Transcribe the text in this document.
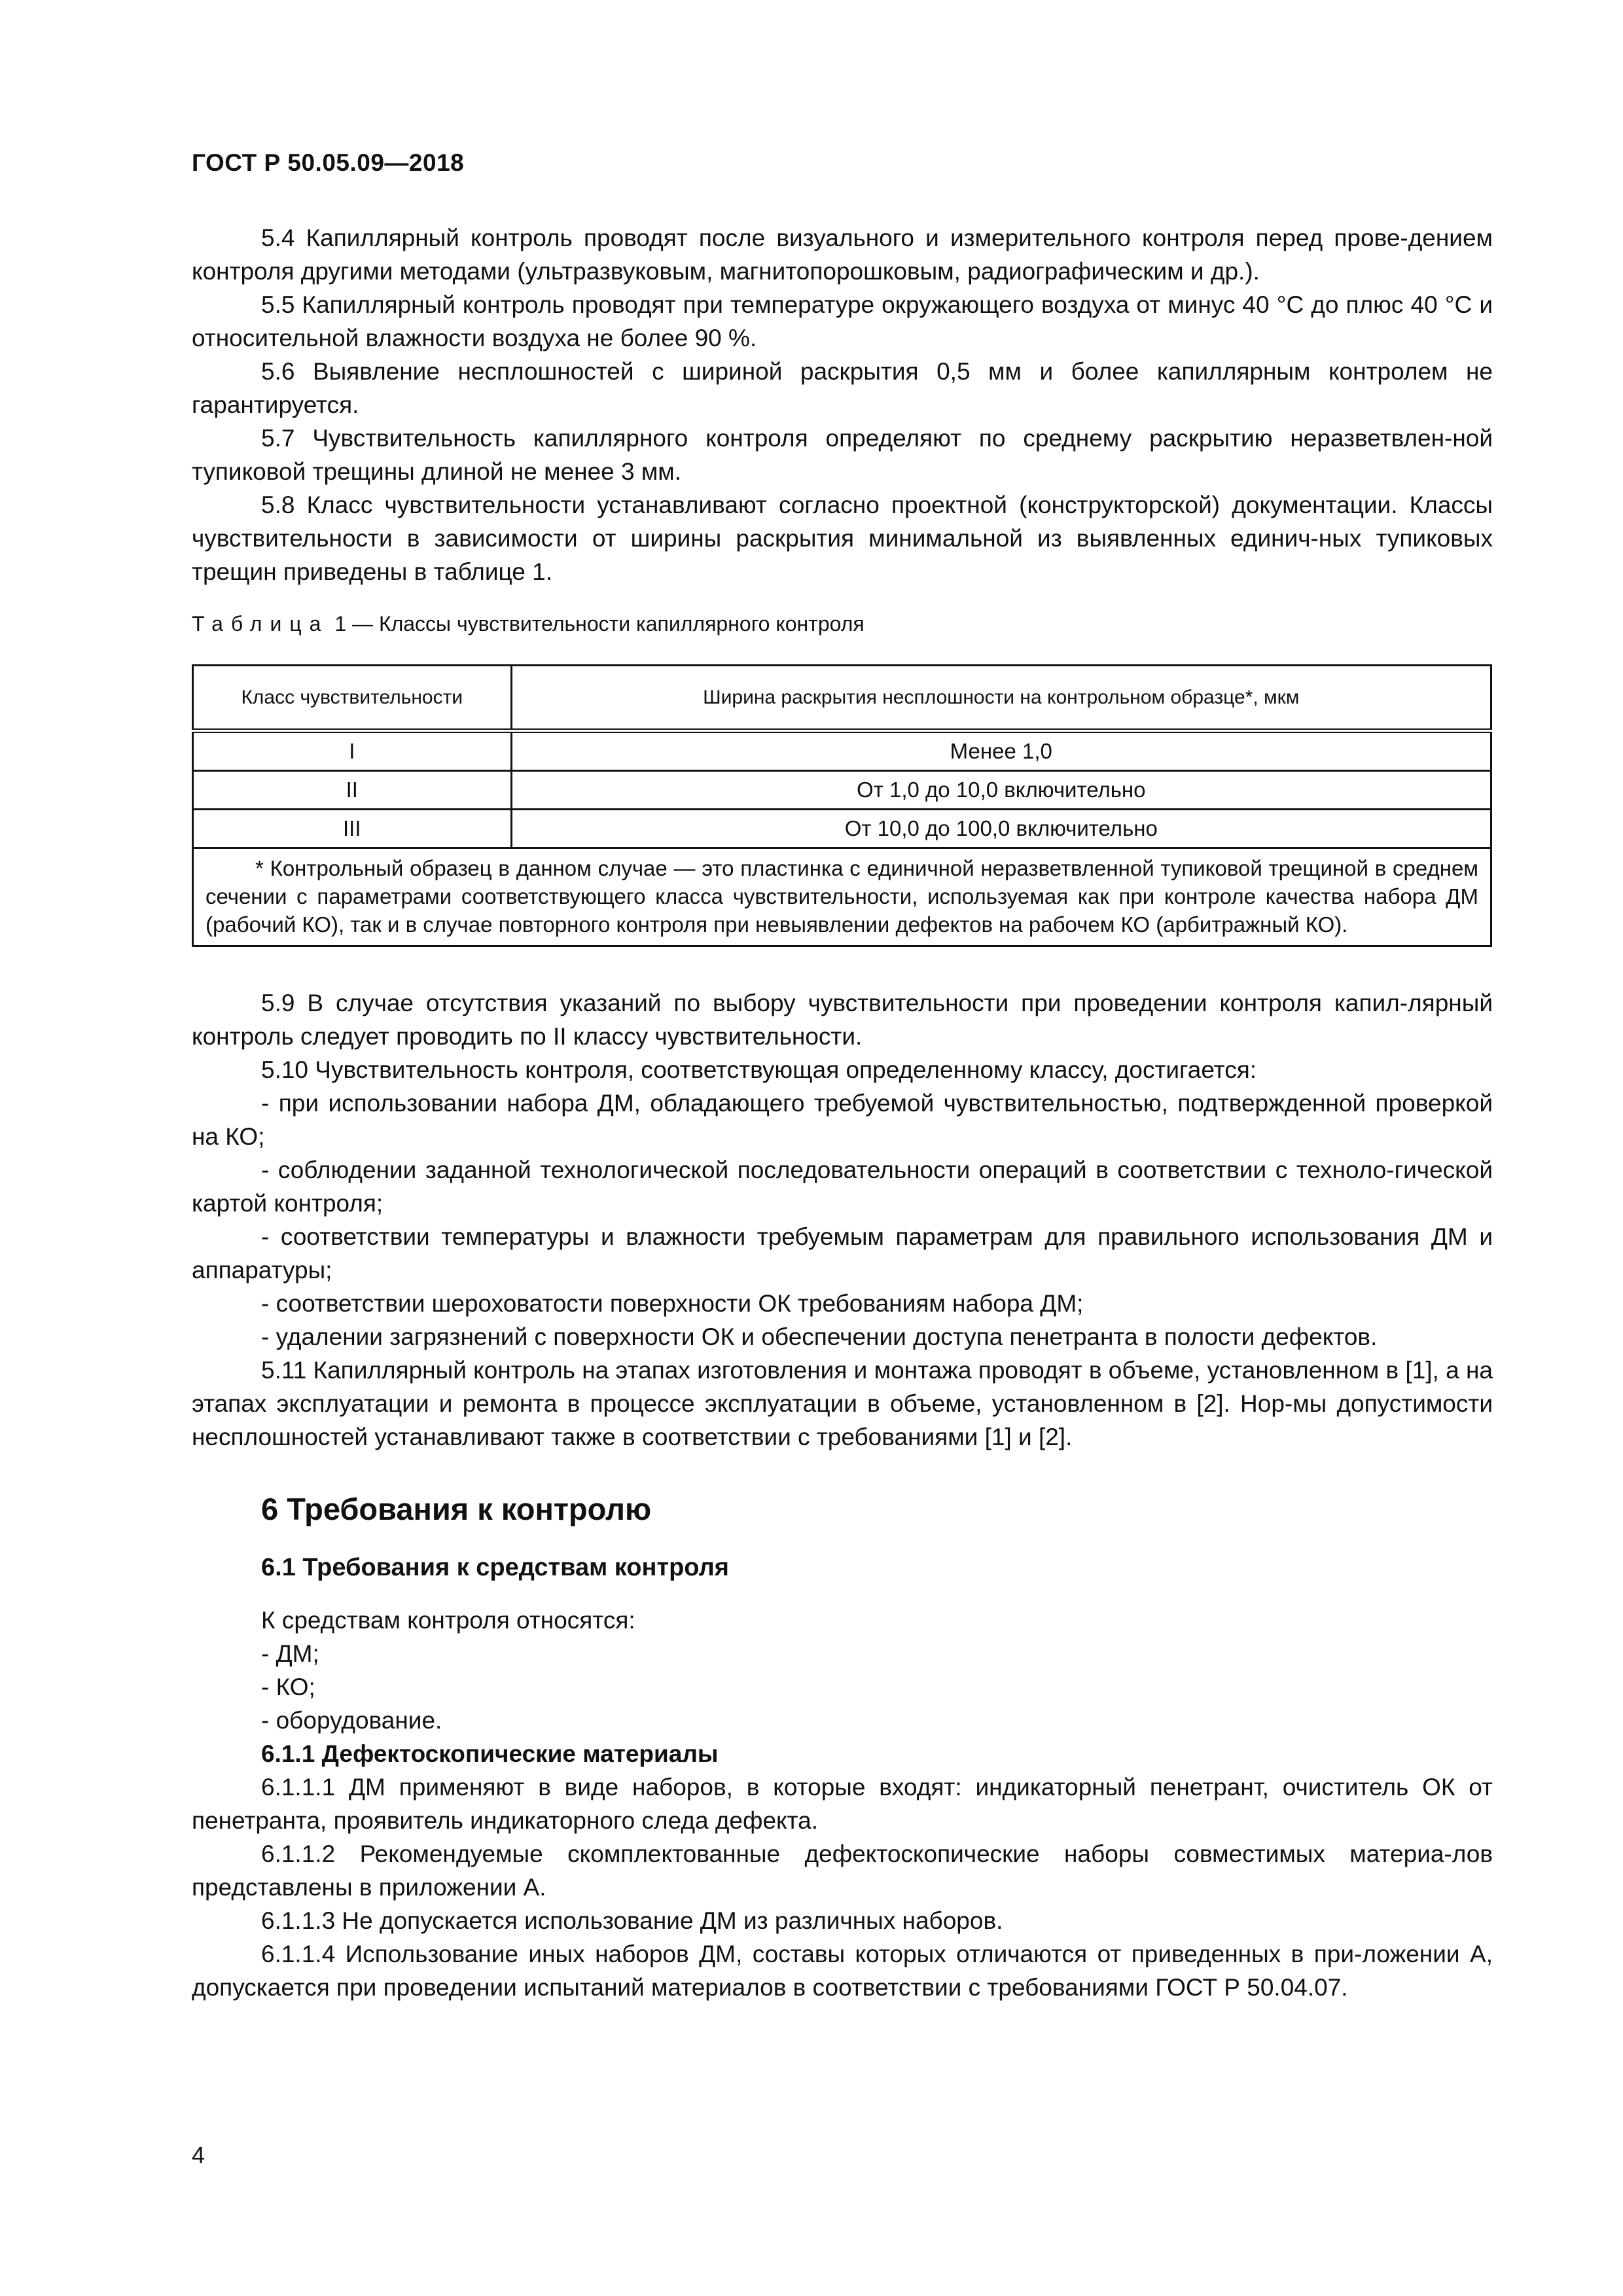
ГОСТ Р 50.05.09—2018

5.4 Капиллярный контроль проводят после визуального и измерительного контроля перед прове-дением контроля другими методами (ультразвуковым, магнитопорошковым, радиографическим и др.).

5.5 Капиллярный контроль проводят при температуре окружающего воздуха от минус 40 °С до плюс 40 °С и относительной влажности воздуха не более 90 %.

5.6 Выявление несплошностей с шириной раскрытия 0,5 мм и более капиллярным контролем не гарантируется.

5.7 Чувствительность капиллярного контроля определяют по среднему раскрытию неразветвлен-ной тупиковой трещины длиной не менее 3 мм.

5.8 Класс чувствительности устанавливают согласно проектной (конструкторской) документации. Классы чувствительности в зависимости от ширины раскрытия минимальной из выявленных единич-ных тупиковых трещин приведены в таблице 1.

Таблица 1 — Классы чувствительности капиллярного контроля
Класс чувствительности	Ширина раскрытия несплошности на контрольном образце*, мкм
I	Менее 1,0
II	От 1,0 до 10,0 включительно
III	От 10,0 до 100,0 включительно

* Контрольный образец в данном случае — это пластинка с единичной неразветвленной тупиковой трещиной в среднем сечении с параметрами соответствующего класса чувствительности, используемая как при контроле качества набора ДМ (рабочий КО), так и в случае повторного контроля при невыявлении дефектов на рабочем КО (арбитражный КО).	

5.9 В случае отсутствия указаний по выбору чувствительности при проведении контроля капил-лярный контроль следует проводить по II классу чувствительности.

5.10 Чувствительность контроля, соответствующая определенному классу, достигается:

- при использовании набора ДМ, обладающего требуемой чувствительностью, подтвержденной проверкой на КО;

- соблюдении заданной технологической последовательности операций в соответствии с техноло-гической картой контроля;

- соответствии температуры и влажности требуемым параметрам для правильного использования ДМ и аппаратуры;

- соответствии шероховатости поверхности ОК требованиям набора ДМ;

- удалении загрязнений с поверхности ОК и обеспечении доступа пенетранта в полости дефектов.

5.11 Капиллярный контроль на этапах изготовления и монтажа проводят в объеме, установленном в [1], а на этапах эксплуатации и ремонта в процессе эксплуатации в объеме, установленном в [2]. Нор-мы допустимости несплошностей устанавливают также в соответствии с требованиями [1] и [2].

6 Требования к контролю
6.1 Требования к средствам контроля

К средствам контроля относятся:

- ДМ;

- КО;

- оборудование.

6.1.1 Дефектоскопические материалы

6.1.1.1 ДМ применяют в виде наборов, в которые входят: индикаторный пенетрант, очиститель ОК от пенетранта, проявитель индикаторного следа дефекта.

6.1.1.2 Рекомендуемые скомплектованные дефектоскопические наборы совместимых материа-лов представлены в приложении А.

6.1.1.3 Не допускается использование ДМ из различных наборов.

6.1.1.4 Использование иных наборов ДМ, составы которых отличаются от приведенных в при-ложении А, допускается при проведении испытаний материалов в соответствии с требованиями ГОСТ Р 50.04.07.

4
